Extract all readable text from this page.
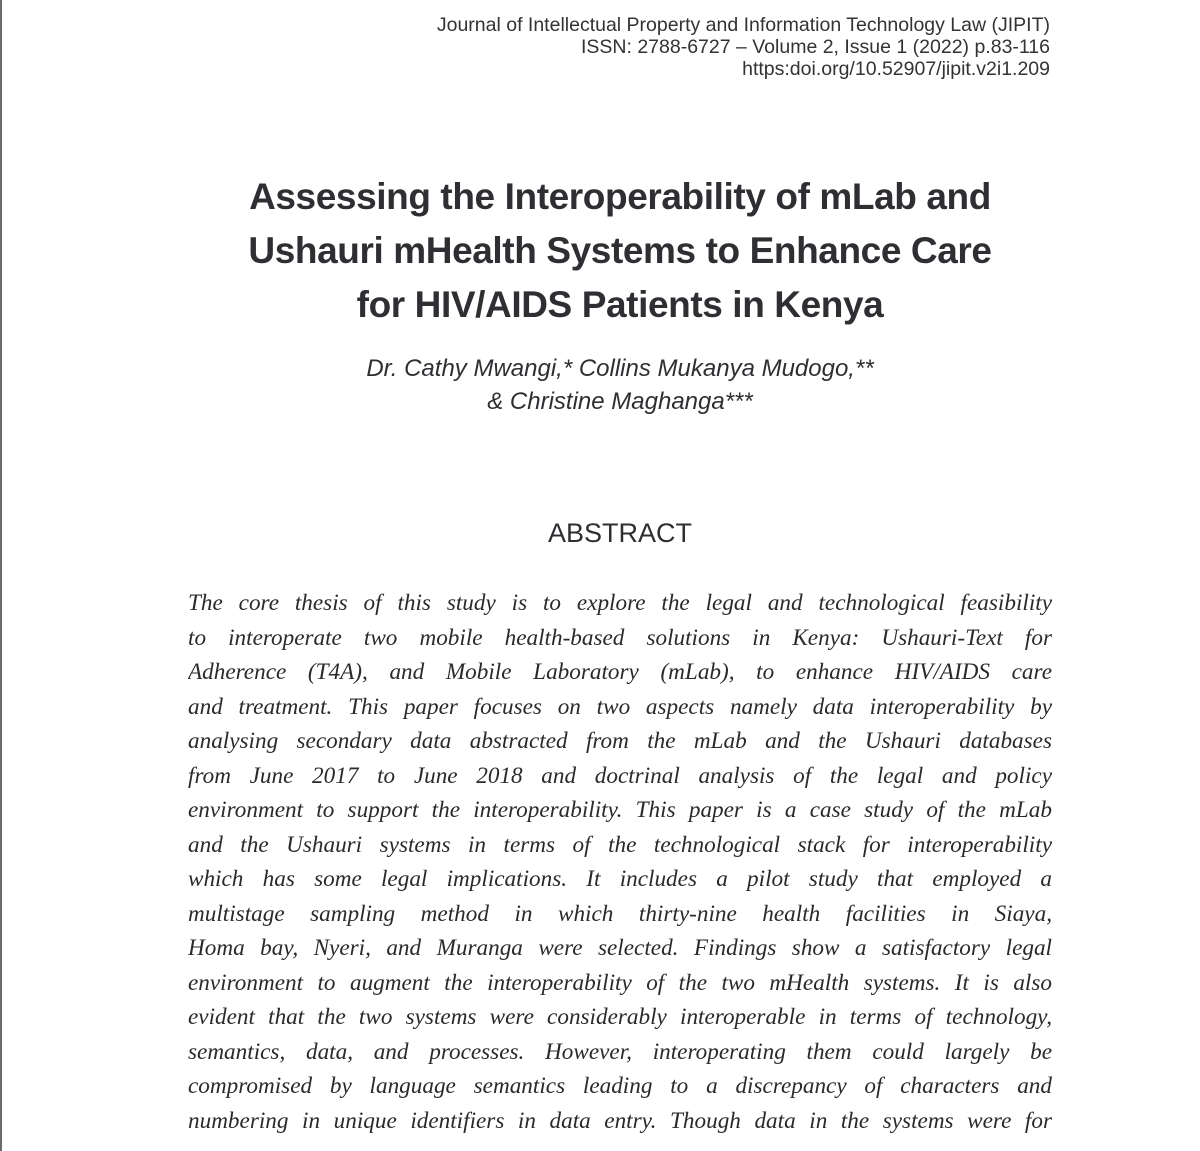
Journal of Intellectual Property and Information Technology Law (JIPIT)
ISSN: 2788-6727 – Volume 2, Issue 1 (2022) p.83-116
https:doi.org/10.52907/jipit.v2i1.209
Assessing the Interoperability of mLab and
Ushauri mHealth Systems to Enhance Care
for HIV/AIDS Patients in Kenya
Dr. Cathy Mwangi,* Collins Mukanya Mudogo,**
& Christine Maghanga***
ABSTRACT
The core thesis of this study is to explore the legal and technological feasibility
to interoperate two mobile health-based solutions in Kenya: Ushauri-Text for
Adherence (T4A), and Mobile Laboratory (mLab), to enhance HIV/AIDS care
and treatment. This paper focuses on two aspects namely data interoperability by
analysing secondary data abstracted from the mLab and the Ushauri databases
from June 2017 to June 2018 and doctrinal analysis of the legal and policy
environment to support the interoperability. This paper is a case study of the mLab
and the Ushauri systems in terms of the technological stack for interoperability
which has some legal implications. It includes a pilot study that employed a
multistage sampling method in which thirty-nine health facilities in Siaya,
Homa bay, Nyeri, and Muranga were selected. Findings show a satisfactory legal
environment to augment the interoperability of the two mHealth systems. It is also
evident that the two systems were considerably interoperable in terms of technology,
semantics, data, and processes. However, interoperating them could largely be
compromised by language semantics leading to a discrepancy of characters and
numbering in unique identifiers in data entry. Though data in the systems were for
